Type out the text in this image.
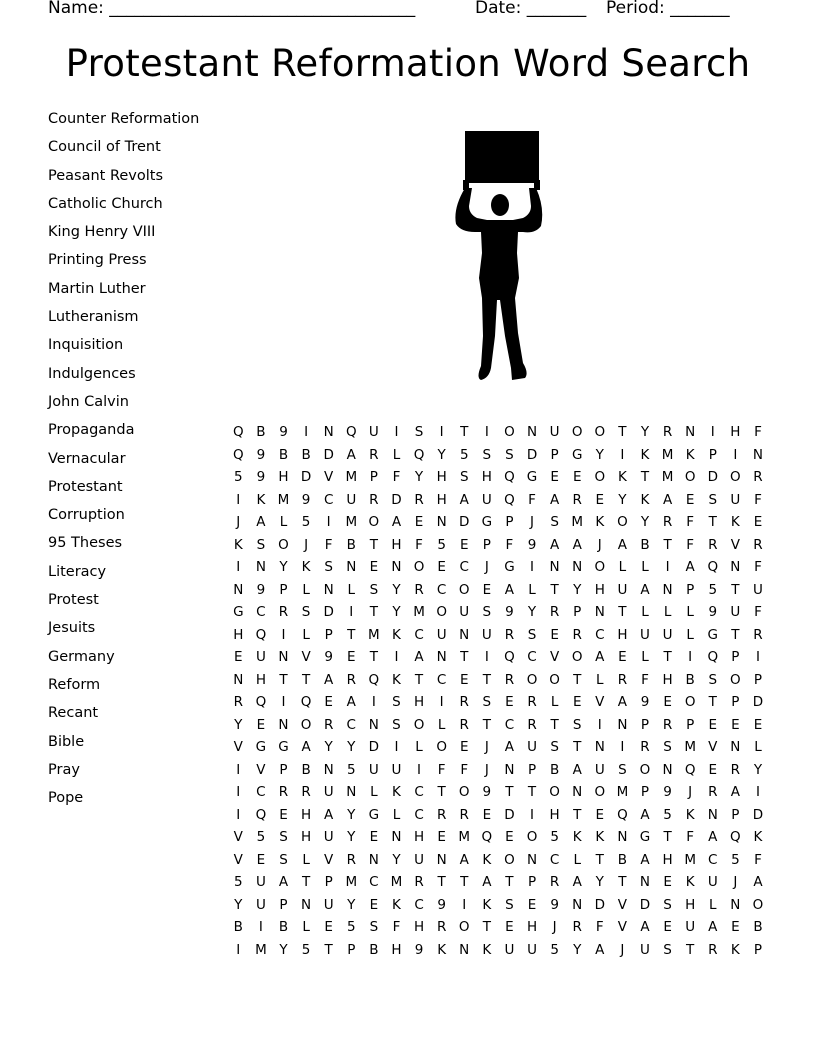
Name: ____________________________________	Date: _______ Period: _______
Protestant Reformation Word Search
Counter Reformation
Council of Trent
Peasant Revolts
Catholic Church
King Henry VIII
Printing Press
Martin Luther
Lutheranism
Inquisition
Indulgences
John Calvin
Propaganda
Vernacular
Protestant
Corruption
95 Theses
Literacy
Protest
Jesuits
Germany
Reform
Recant
Bible
Pray
Pope
Q B	9	I	N Q U	I	S	I	T	I	O N U O O T	Y	R N	I	H	F
Q 9	B B D A R	L	Q Y	5	S	S D P G Y	I	K M K	P	I	N
5	9 H D V M P	F	Y H S H Q G E	E O K	T M O D O R
I	K M 9	C U R D R H A U Q F	A R	E	Y	K	A	E	S U	F
J	A	L	5	I	M O A	E N D G P	J	S M K O Y	R	F	T	K	E
K	S O	J	F	B	T H	F	5	E	P	F	9	A A	J	A B	T	F	R V R
I	N Y	K	S N E N O E	C	J	G	I	N N O	L	L	I	A Q N	F
N 9	P	L	N	L	S	Y	R C O E	A	L	T	Y H U A N P	5	T	U
G C R	S D	I	T	Y M O U S	9	Y	R	P N T	L	L	L	9 U	F
H Q	I	L	P	T M K C U N U R	S	E	R C H U U	L	G T	R
E U N V	9	E	T	I	A N T	I	Q C V O A	E	L	T	I	Q P	I
N H T	T	A R Q K	T	C	E	T	R O O T	L	R	F	H B	S O P
R Q	I	Q E	A	I	S H	I	R	S	E	R	L	E	V A	9	E O T	P D
Y	E N O R C N S O	L	R	T	C R	T	S	I	N P	R	P	E	E	E
V G G A	Y	Y D	I	L	O E	J	A U S	T N	I	R	S M V N	L
I	V	P	B N 5 U U	I	F	F	J	N P	B A U S O N Q E	R	Y
I	C R R U N	L	K C	T O 9	T	T O N O M P	9	J	R A	I
I	Q E H A	Y G	L	C R R	E D	I	H T	E Q A	5	K N P D
V	5	S H U	Y	E N H E M Q E O 5	K	K N G T	F	A Q K
V	E	S	L	V R N Y	U N A	K O N C	L	T	B A H M C	5	F
5 U A	T	P M C M R	T	T	A	T	P	R A	Y	T N E	K U	J	A
Y	U	P N U	Y	E	K C	9	I	K	S	E	9 N D V D S H	L	N O
B	I	B	L	E	5	S	F	H R O T	E H	J	R	F	V A	E U A	E	B
I	M Y	5	T	P	B H 9	K N K U U 5	Y	A	J	U S	T	R K	P
